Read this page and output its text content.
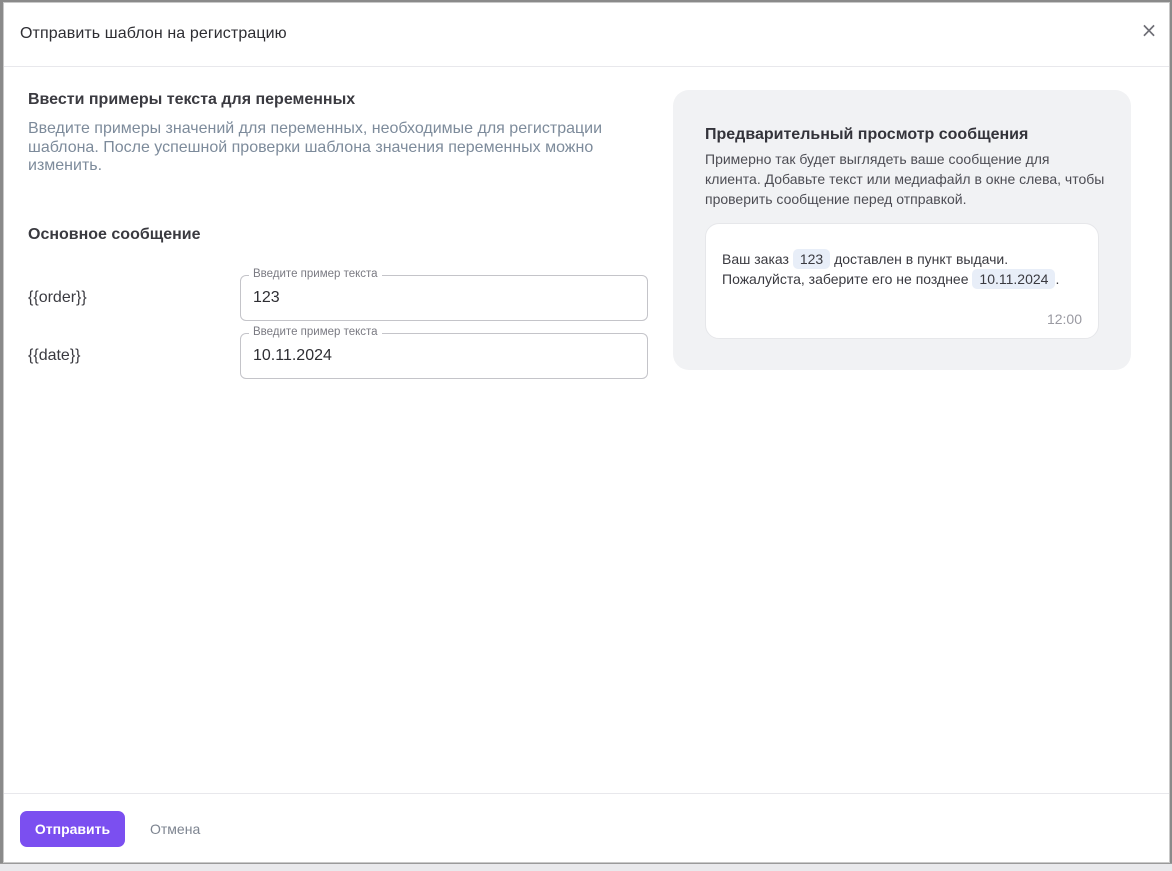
Отправить шаблон на регистрацию	×
Ввести примеры текста для переменных
Введите примеры значений для переменных, необходимые для регистрации шаблона. После успешной проверки шаблона значения переменных можно изменить.
Основное сообщение
{{order}}
Введите пример текста
123
{{date}}
Введите пример текста
10.11.2024
Предварительный просмотр сообщения
Примерно так будет выглядеть ваше сообщение для клиента. Добавьте текст или медиафайл в окне слева, чтобы проверить сообщение перед отправкой.
Ваш заказ 123 доставлен в пункт выдачи. Пожалуйста, заберите его не позднее 10.11.2024 .
12:00
Отправить	Отмена
